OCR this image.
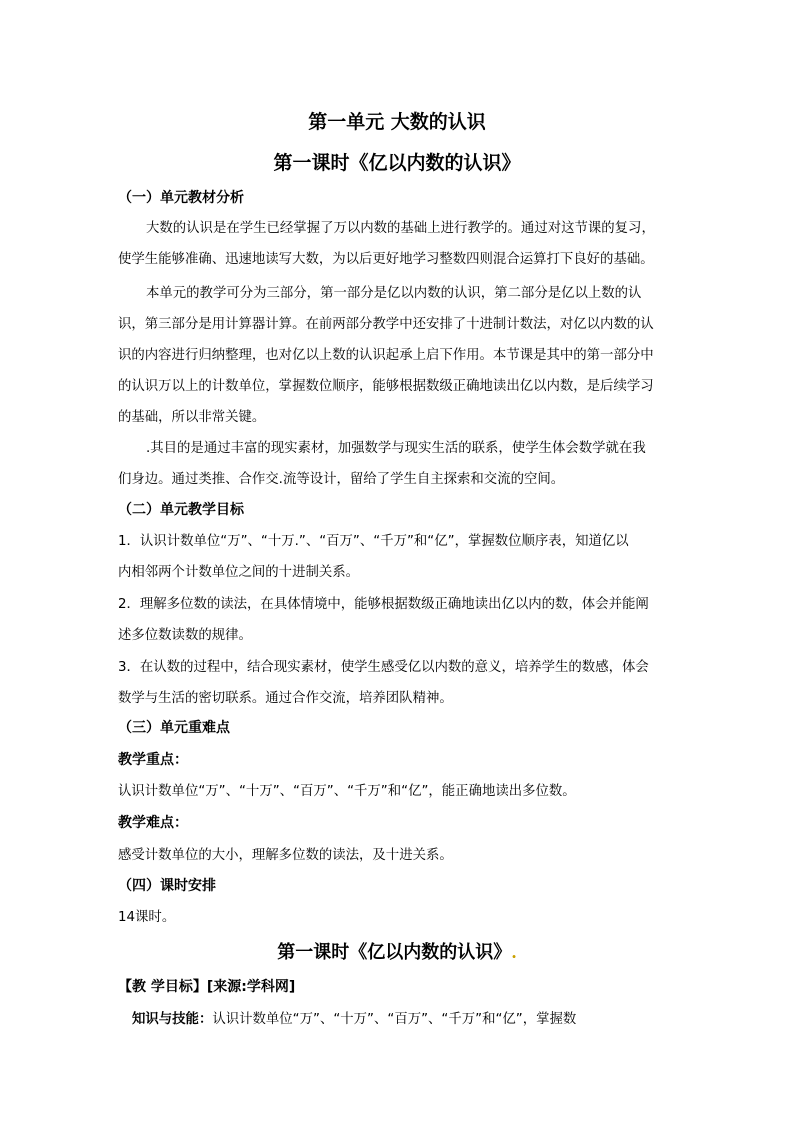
第一单元 大数的认识
第一课时《亿以内数的认识》
（一）单元教材分析
大数的认识是在学生已经掌握了万以内数的基础上进行教学的。通过对这节课的复习，
使学生能够准确、迅速地读写大数，为以后更好地学习整数四则混合运算打下良好的基础。
本单元的教学可分为三部分，第一部分是亿以内数的认识，第二部分是亿以上数的认
识，第三部分是用计算器计算。在前两部分教学中还安排了十进制计数法，对亿以内数的认
识的内容进行归纳整理，也对亿以上数的认识起承上启下作用。本节课是其中的第一部分中
的认识万以上的计数单位，掌握数位顺序，能够根据数级正确地读出亿以内数，是后续学习
的基础，所以非常关键。
.其目的是通过丰富的现实素材，加强数学与现实生活的联系，使学生体会数学就在我
们身边。通过类推、合作交.流等设计，留给了学生自主探索和交流的空间。
（二）单元教学目标
1．认识计数单位“万”、“十万.”、“百万”、“千万”和“亿”，掌握数位顺序表，知道亿以
内相邻两个计数单位之间的十进制关系。
2．理解多位数的读法，在具体情境中，能够根据数级正确地读出亿以内的数，体会并能阐
述多位数读数的规律。
3．在认数的过程中，结合现实素材，使学生感受亿以内数的意义，培养学生的数感，体会
数学与生活的密切联系。通过合作交流，培养团队精神。
（三）单元重难点
教学重点：
认识计数单位“万”、“十万”、“百万”、“千万”和“亿”，能正确地读出多位数。
教学难点：
感受计数单位的大小，理解多位数的读法，及十进关系。
（四）课时安排
14课时。
第一课时《亿以内数的认识》.
【教 学目标】[来源:学科网]
知识与技能：认识计数单位“万”、“十万”、“百万”、“千万”和“亿”，掌握数
